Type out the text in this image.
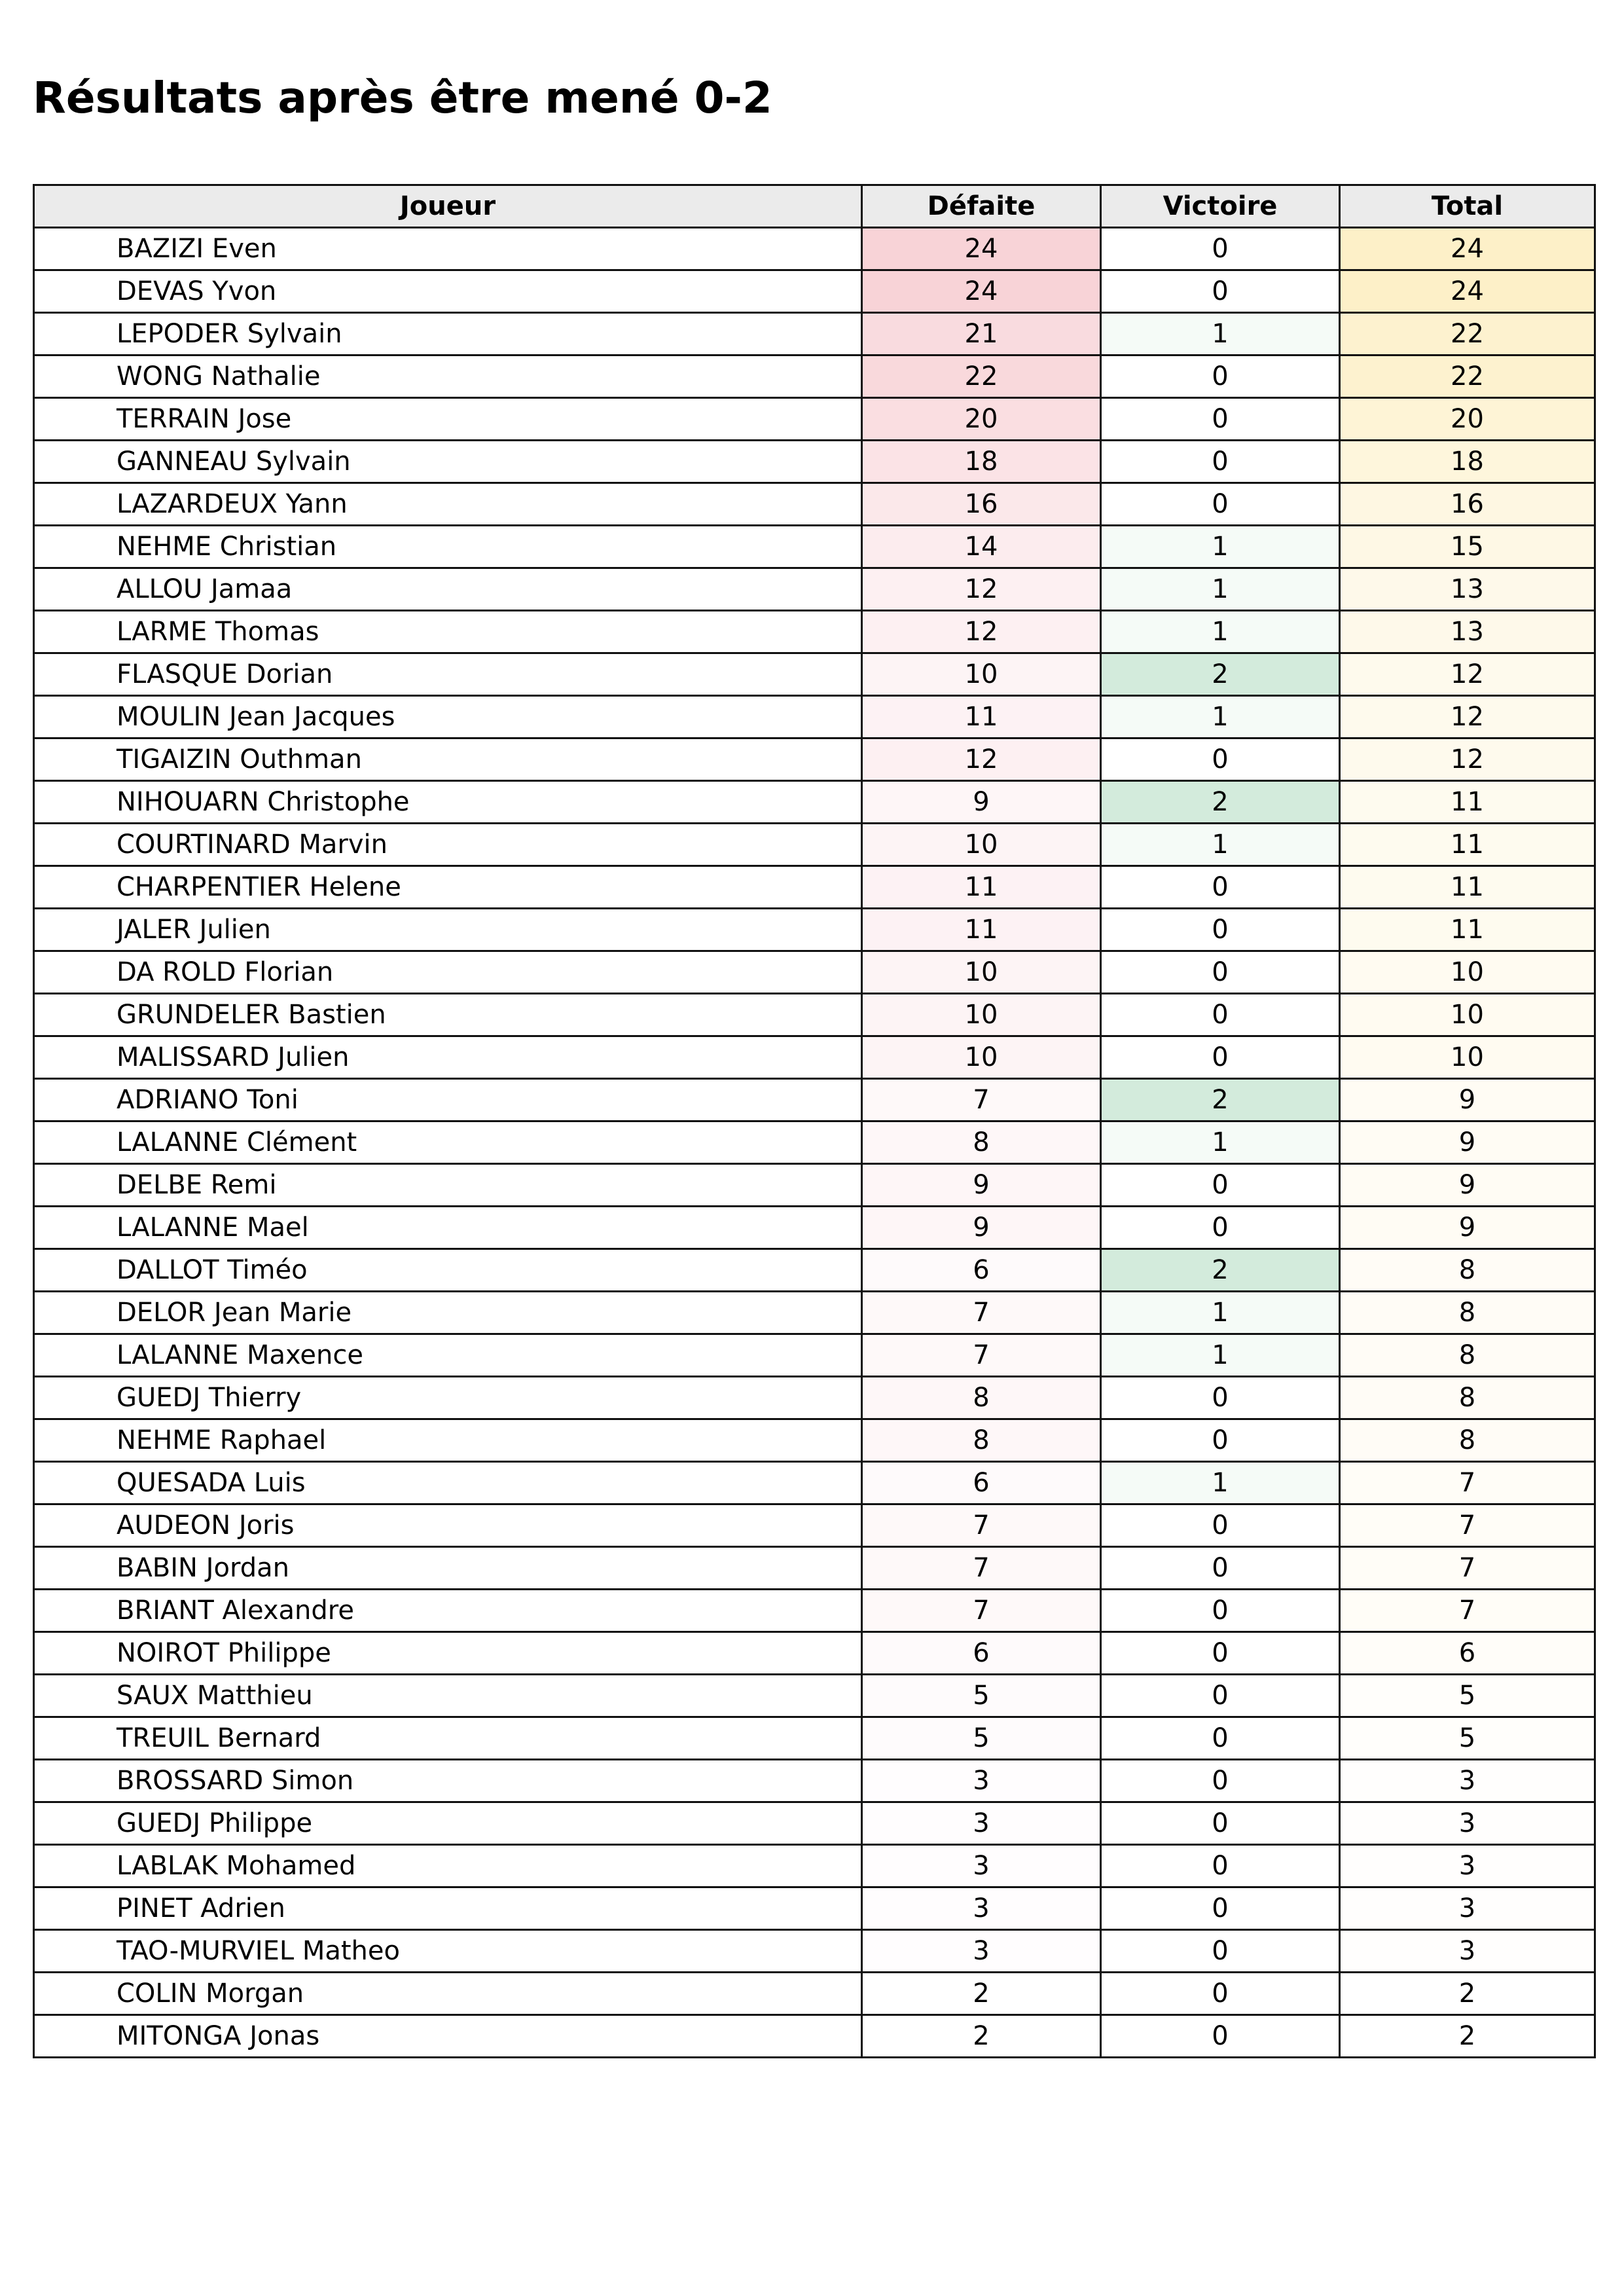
Résultats après être mené 0-2
Joueur	Défaite	Victoire	Total
BAZIZI Even	24	0	24
DEVAS Yvon	24	0	24
LEPODER Sylvain	21	1	22
WONG Nathalie	22	0	22
TERRAIN Jose	20	0	20
GANNEAU Sylvain	18	0	18
LAZARDEUX Yann	16	0	16
NEHME Christian	14	1	15
ALLOU Jamaa	12	1	13
LARME Thomas	12	1	13
FLASQUE Dorian	10	2	12
MOULIN Jean Jacques	11	1	12
TIGAIZIN Outhman	12	0	12
NIHOUARN Christophe	9	2	11
COURTINARD Marvin	10	1	11
CHARPENTIER Helene	11	0	11
JALER Julien	11	0	11
DA ROLD Florian	10	0	10
GRUNDELER Bastien	10	0	10
MALISSARD Julien	10	0	10
ADRIANO Toni	7	2	9
LALANNE Clément	8	1	9
DELBE Remi	9	0	9
LALANNE Mael	9	0	9
DALLOT Timéo	6	2	8
DELOR Jean Marie	7	1	8
LALANNE Maxence	7	1	8
GUEDJ Thierry	8	0	8
NEHME Raphael	8	0	8
QUESADA Luis	6	1	7
AUDEON Joris	7	0	7
BABIN Jordan	7	0	7
BRIANT Alexandre	7	0	7
NOIROT Philippe	6	0	6
SAUX Matthieu	5	0	5
TREUIL Bernard	5	0	5
BROSSARD Simon	3	0	3
GUEDJ Philippe	3	0	3
LABLAK Mohamed	3	0	3
PINET Adrien	3	0	3
TAO-MURVIEL Matheo	3	0	3
COLIN Morgan	2	0	2
MITONGA Jonas	2	0	2
